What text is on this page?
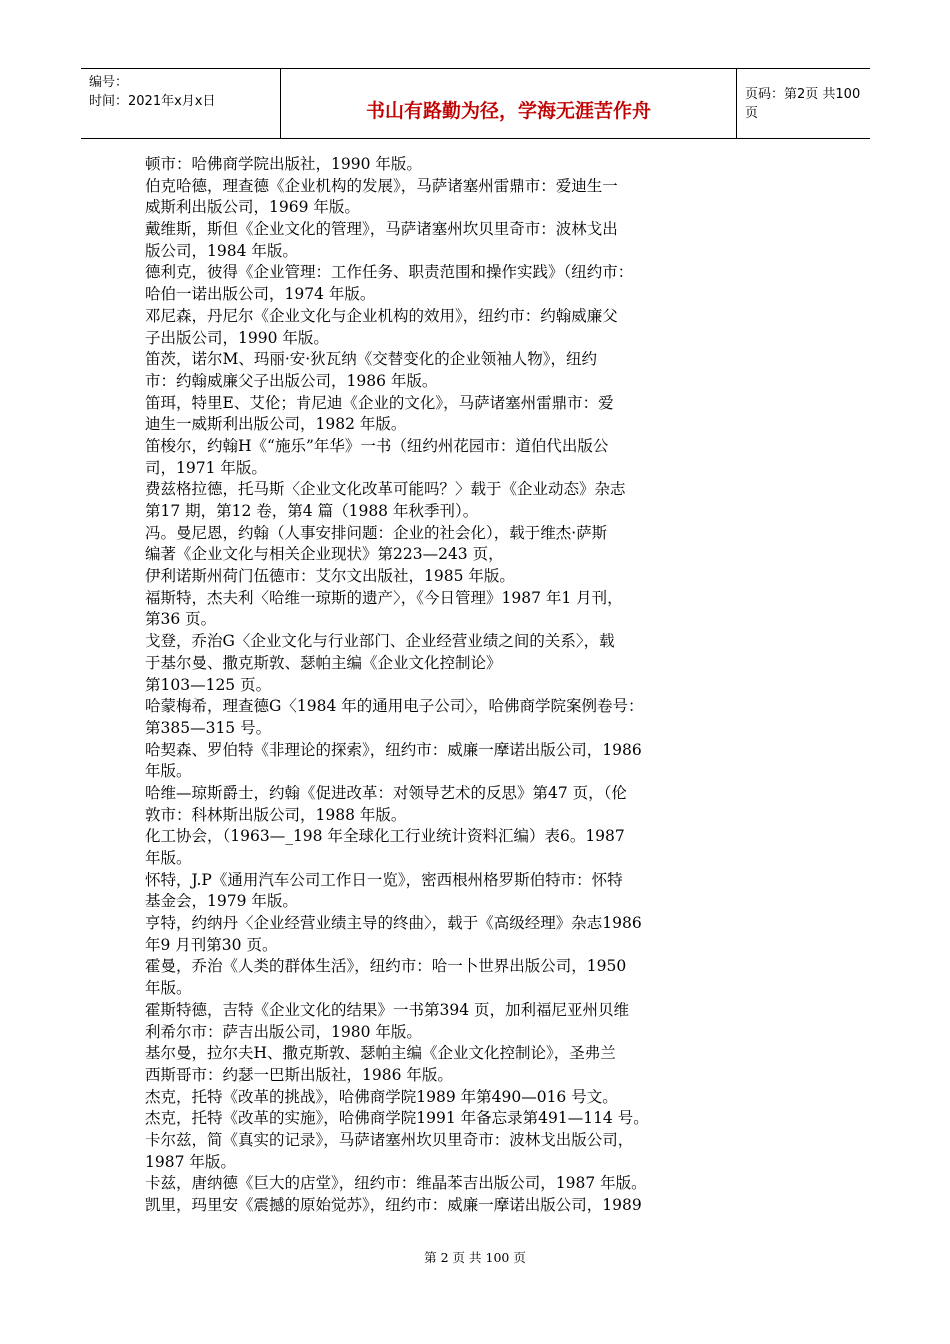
编号：
时间：2021年x月x日	书山有路勤为径，学海无涯苦作舟
页码：第2页 共100页
顿市：哈佛商学院出版社，1990 年版。
伯克哈德，理查德《企业机构的发展》，马萨诸塞州雷鼎市：爱迪生一
威斯利出版公司，1969 年版。
戴维斯，斯但《企业文化的管理》，马萨诸塞州坎贝里奇市：波林戈出
版公司，1984 年版。
德利克，彼得《企业管理：工作任务、职责范围和操作实践》（纽约市：
哈伯一诺出版公司，1974 年版。
邓尼森，丹尼尔《企业文化与企业机构的效用》，纽约市：约翰威廉父
子出版公司，1990 年版。
笛茨，诺尔M、玛丽·安·狄瓦纳《交替变化的企业领袖人物》，纽约
市：约翰威廉父子出版公司，1986 年版。
笛珥，特里E、艾伦；肯尼迪《企业的文化》，马萨诸塞州雷鼎市：爱
迪生一威斯利出版公司，1982 年版。
笛梭尔，约翰H《“施乐”年华》一书（纽约州花园市：道伯代出版公
司，1971 年版。
费兹格拉德，托马斯〈企业文化改革可能吗？〉载于《企业动态》杂志
第17 期，第12 卷，第4 篇（1988 年秋季刊）。
冯。曼尼恩，约翰（人事安排问题：企业的社会化），载于维杰·萨斯
编著《企业文化与相关企业现状》第223—243 页，
伊利诺斯州荷门伍德市：艾尔文出版社，1985 年版。
福斯特，杰夫利〈哈维一琼斯的遗产〉，《今日管理》1987 年1 月刊，
第36 页。
戈登，乔治G〈企业文化与行业部门、企业经营业绩之间的关系〉，载
于基尔曼、撒克斯敦、瑟帕主编《企业文化控制论》
第103—125 页。
哈蒙梅希，理查德G〈1984 年的通用电子公司〉，哈佛商学院案例卷号：
第385—315 号。
哈契森、罗伯特《非理论的探索》，纽约市：威廉一摩诺出版公司，1986
年版。
哈维—琼斯爵士，约翰《促进改革：对领导艺术的反思》第47 页，（伦
敦市：科林斯出版公司，1988 年版。
化工协会，（1963—_198 年全球化工行业统计资料汇编）表6。1987
年版。
怀特，J.P《通用汽车公司工作日一览》，密西根州格罗斯伯特市：怀特
基金会，1979 年版。
亨特，约纳丹〈企业经营业绩主导的终曲〉，载于《高级经理》杂志1986
年9 月刊第30 页。
霍曼，乔治《人类的群体生活》，纽约市：哈一卜世界出版公司，1950
年版。
霍斯特德，吉特《企业文化的结果》一书第394 页，加利福尼亚州贝维
利希尔市：萨吉出版公司，1980 年版。
基尔曼，拉尔夫H、撒克斯敦、瑟帕主编《企业文化控制论》，圣弗兰
西斯哥市：约瑟一巴斯出版社，1986 年版。
杰克，托特《改革的挑战》，哈佛商学院1989 年第490—016 号文。
杰克，托特《改革的实施》，哈佛商学院1991 年备忘录第491—114 号。
卡尔兹，简《真实的记录》，马萨诸塞州坎贝里奇市：波林戈出版公司，
1987 年版。
卡兹，唐纳德《巨大的店堂》，纽约市：维晶苯吉出版公司，1987 年版。
凯里，玛里安《震撼的原始觉苏》，纽约市：威廉一摩诺出版公司，1989
第 2 页 共 100 页
